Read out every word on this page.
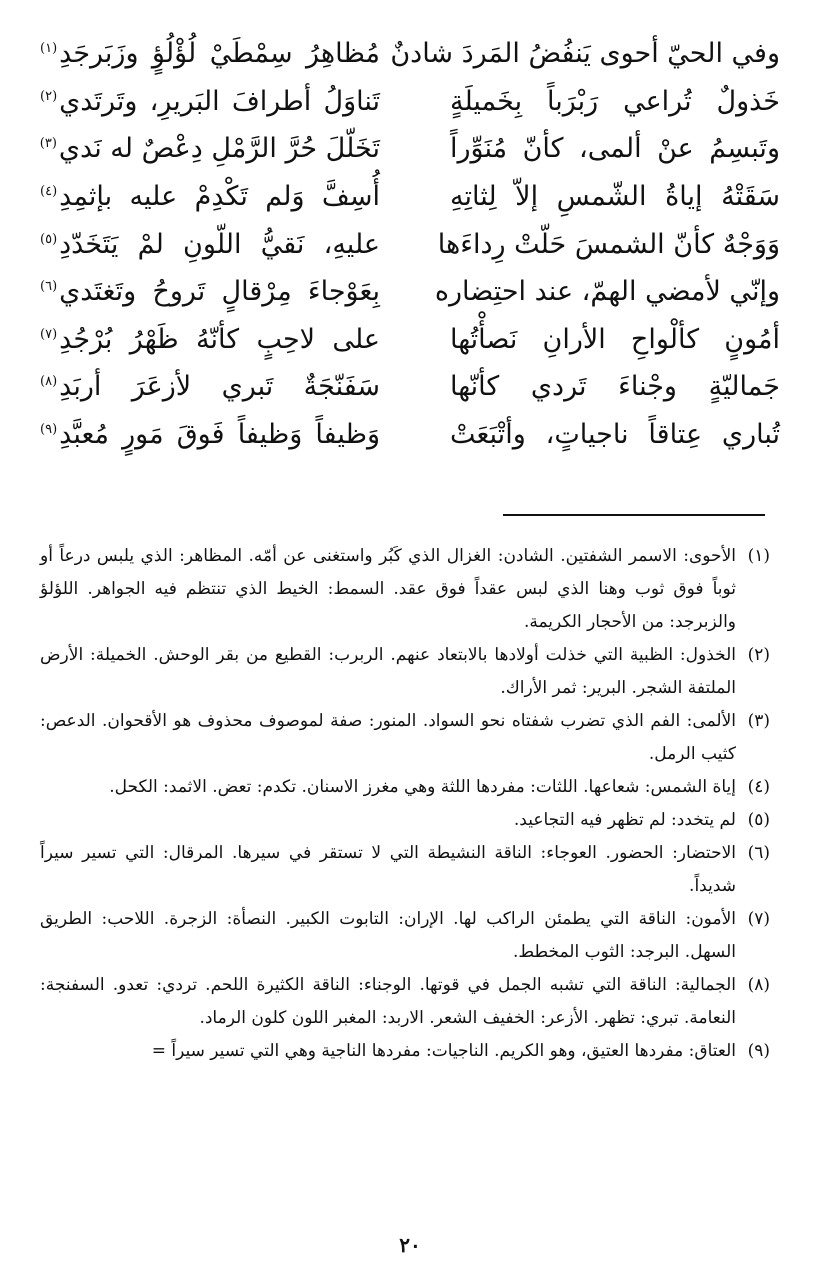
وفي الحيّ أحوى يَنفُضُ المَردَ شادنٌ
مُظاهِرُ سِمْطَيْ لُؤْلُؤٍ وزَبَرجَدِ$^{(١)}$
خَذولٌ تُراعي رَبْرَباً بِخَميلَةٍ
تَناوَلُ أطرافَ البَريرِ، وتَرتَدي$^{(٢)}$
وتَبسِمُ عنْ ألمى، كأنّ مُنَوِّراً
تَخَلّلَ حُرَّ الرَّمْلِ دِعْصٌ له نَدي$^{(٣)}$
سَقَتْهُ إياةُ الشّمسِ إلاّ لِثاتِهِ
أُسِفَّ وَلم تَكْدِمْ عليه بإثمِدِ$^{(٤)}$
وَوَجْهٌ كأنّ الشمسَ حَلّتْ رِداءَها
عليهِ، نَقيُّ اللّونِ لمْ يَتَخَدّدِ$^{(٥)}$
وإنّي لأمضي الهمّ، عند احتِضاره
بِعَوْجاءَ مِرْقالٍ تَروحُ وتَغتَدي$^{(٦)}$
أمُونٍ كألْواحِ الأرانِ نَصأْتُها
على لاحِبٍ كأنّهُ ظَهْرُ بُرْجُدِ$^{(٧)}$
جَماليّةٍ وجْناءَ تَردي كأنّها
سَفَنّجَةٌ تَبري لأزعَرَ أربَدِ$^{(٨)}$
تُباري عِتاقاً ناجياتٍ، وأتْبَعَتْ
وَظيفاً وَظيفاً فَوقَ مَورٍ مُعبَّدِ$^{(٩)}$
(١)
الأحوى: الاسمر الشفتين. الشادن: الغزال الذي كَبُر واستغنى عن أمّه. المظاهر: الذي يلبس درعاً أو ثوباً فوق ثوب وهنا الذي لبس عقداً فوق عقد. السمط: الخيط الذي تنتظم فيه الجواهر. اللؤلؤ والزبرجد: من الأحجار الكريمة.
(٢)
الخذول: الظبية التي خذلت أولادها بالابتعاد عنهم. الربرب: القطيع من بقر الوحش. الخميلة: الأرض الملتفة الشجر. البرير: ثمر الأراك.
(٣)
الألمى: الفم الذي تضرب شفتاه نحو السواد. المنور: صفة لموصوف محذوف هو الأقحوان. الدعص: كثيب الرمل.
(٤)
إياة الشمس: شعاعها. اللثات: مفردها اللثة وهي مغرز الاسنان. تكدم: تعض. الاثمد: الكحل.
(٥)
لم يتخدد: لم تظهر فيه التجاعيد.
(٦)
الاحتضار: الحضور. العوجاء: الناقة النشيطة التي لا تستقر في سيرها. المرقال: التي تسير سيراً شديداً.
(٧)
الأمون: الناقة التي يطمئن الراكب لها. الإران: التابوت الكبير. النصأة: الزجرة. اللاحب: الطريق السهل. البرجد: الثوب المخطط.
(٨)
الجمالية: الناقة التي تشبه الجمل في قوتها. الوجناء: الناقة الكثيرة اللحم. تردي: تعدو. السفنجة: النعامة. تبري: تظهر. الأزعر: الخفيف الشعر. الاربد: المغبر اللون كلون الرماد.
(٩)
العتاق: مفردها العتيق، وهو الكريم. الناجيات: مفردها الناجية وهي التي تسير سيراً =
٢٠
